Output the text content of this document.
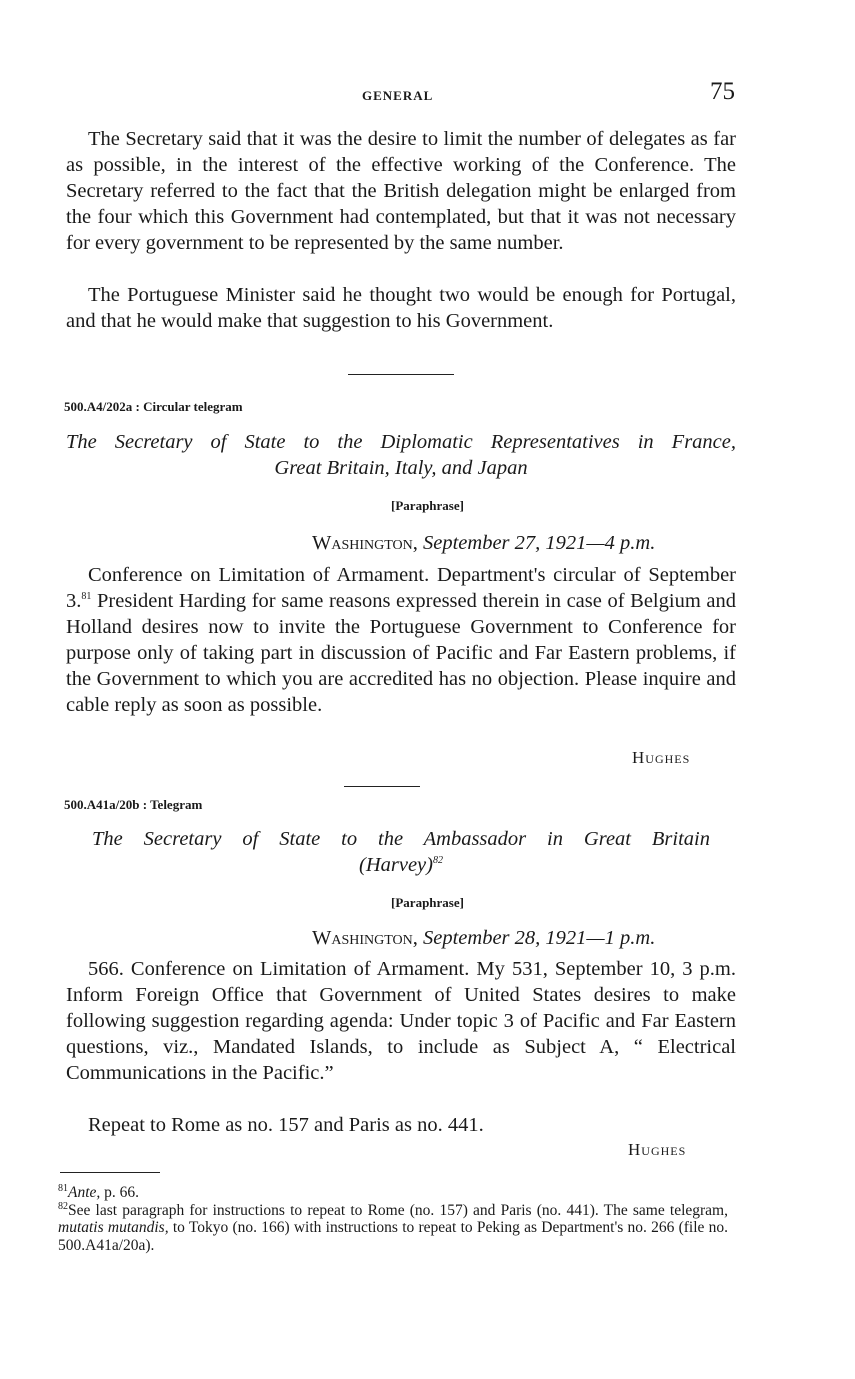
GENERAL	75

The Secretary said that it was the desire to limit the number of delegates as far as possible, in the interest of the effective working of the Conference. The Secretary referred to the fact that the British delegation might be enlarged from the four which this Government had contemplated, but that it was not necessary for every government to be represented by the same number.

The Portuguese Minister said he thought two would be enough for Portugal, and that he would make that suggestion to his Government.

500.A4/202a : Circular telegram

The Secretary of State to the Diplomatic Representatives in France,
Great Britain, Italy, and Japan

[Paraphrase]
Washington, September 27, 1921—4 p.m.

Conference on Limitation of Armament. Department's circular of September 3.81 President Harding for same reasons expressed therein in case of Belgium and Holland desires now to invite the Portuguese Government to Conference for purpose only of taking part in discussion of Pacific and Far Eastern problems, if the Government to which you are accredited has no objection. Please inquire and cable reply as soon as possible.

Hughes
500.A41a/20b : Telegram

The Secretary of State to the Ambassador in Great Britain
(Harvey)$^{82}$

[Paraphrase]
Washington, September 28, 1921—1 p.m.

566. Conference on Limitation of Armament. My 531, September 10, 3 p.m. Inform Foreign Office that Government of United States desires to make following suggestion regarding agenda: Under topic 3 of Pacific and Far Eastern questions, viz., Mandated Islands, to include as Subject A, “ Electrical Communications in the Pacific.”

Repeat to Rome as no. 157 and Paris as no. 441.

Hughes

$^{81}$Ante, p. 66.

$^{82}$See last paragraph for instructions to repeat to Rome (no. 157) and Paris (no. 441). The same telegram, mutatis mutandis, to Tokyo (no. 166) with instructions to repeat to Peking as Department's no. 266 (file no. 500.A41a/20a).
